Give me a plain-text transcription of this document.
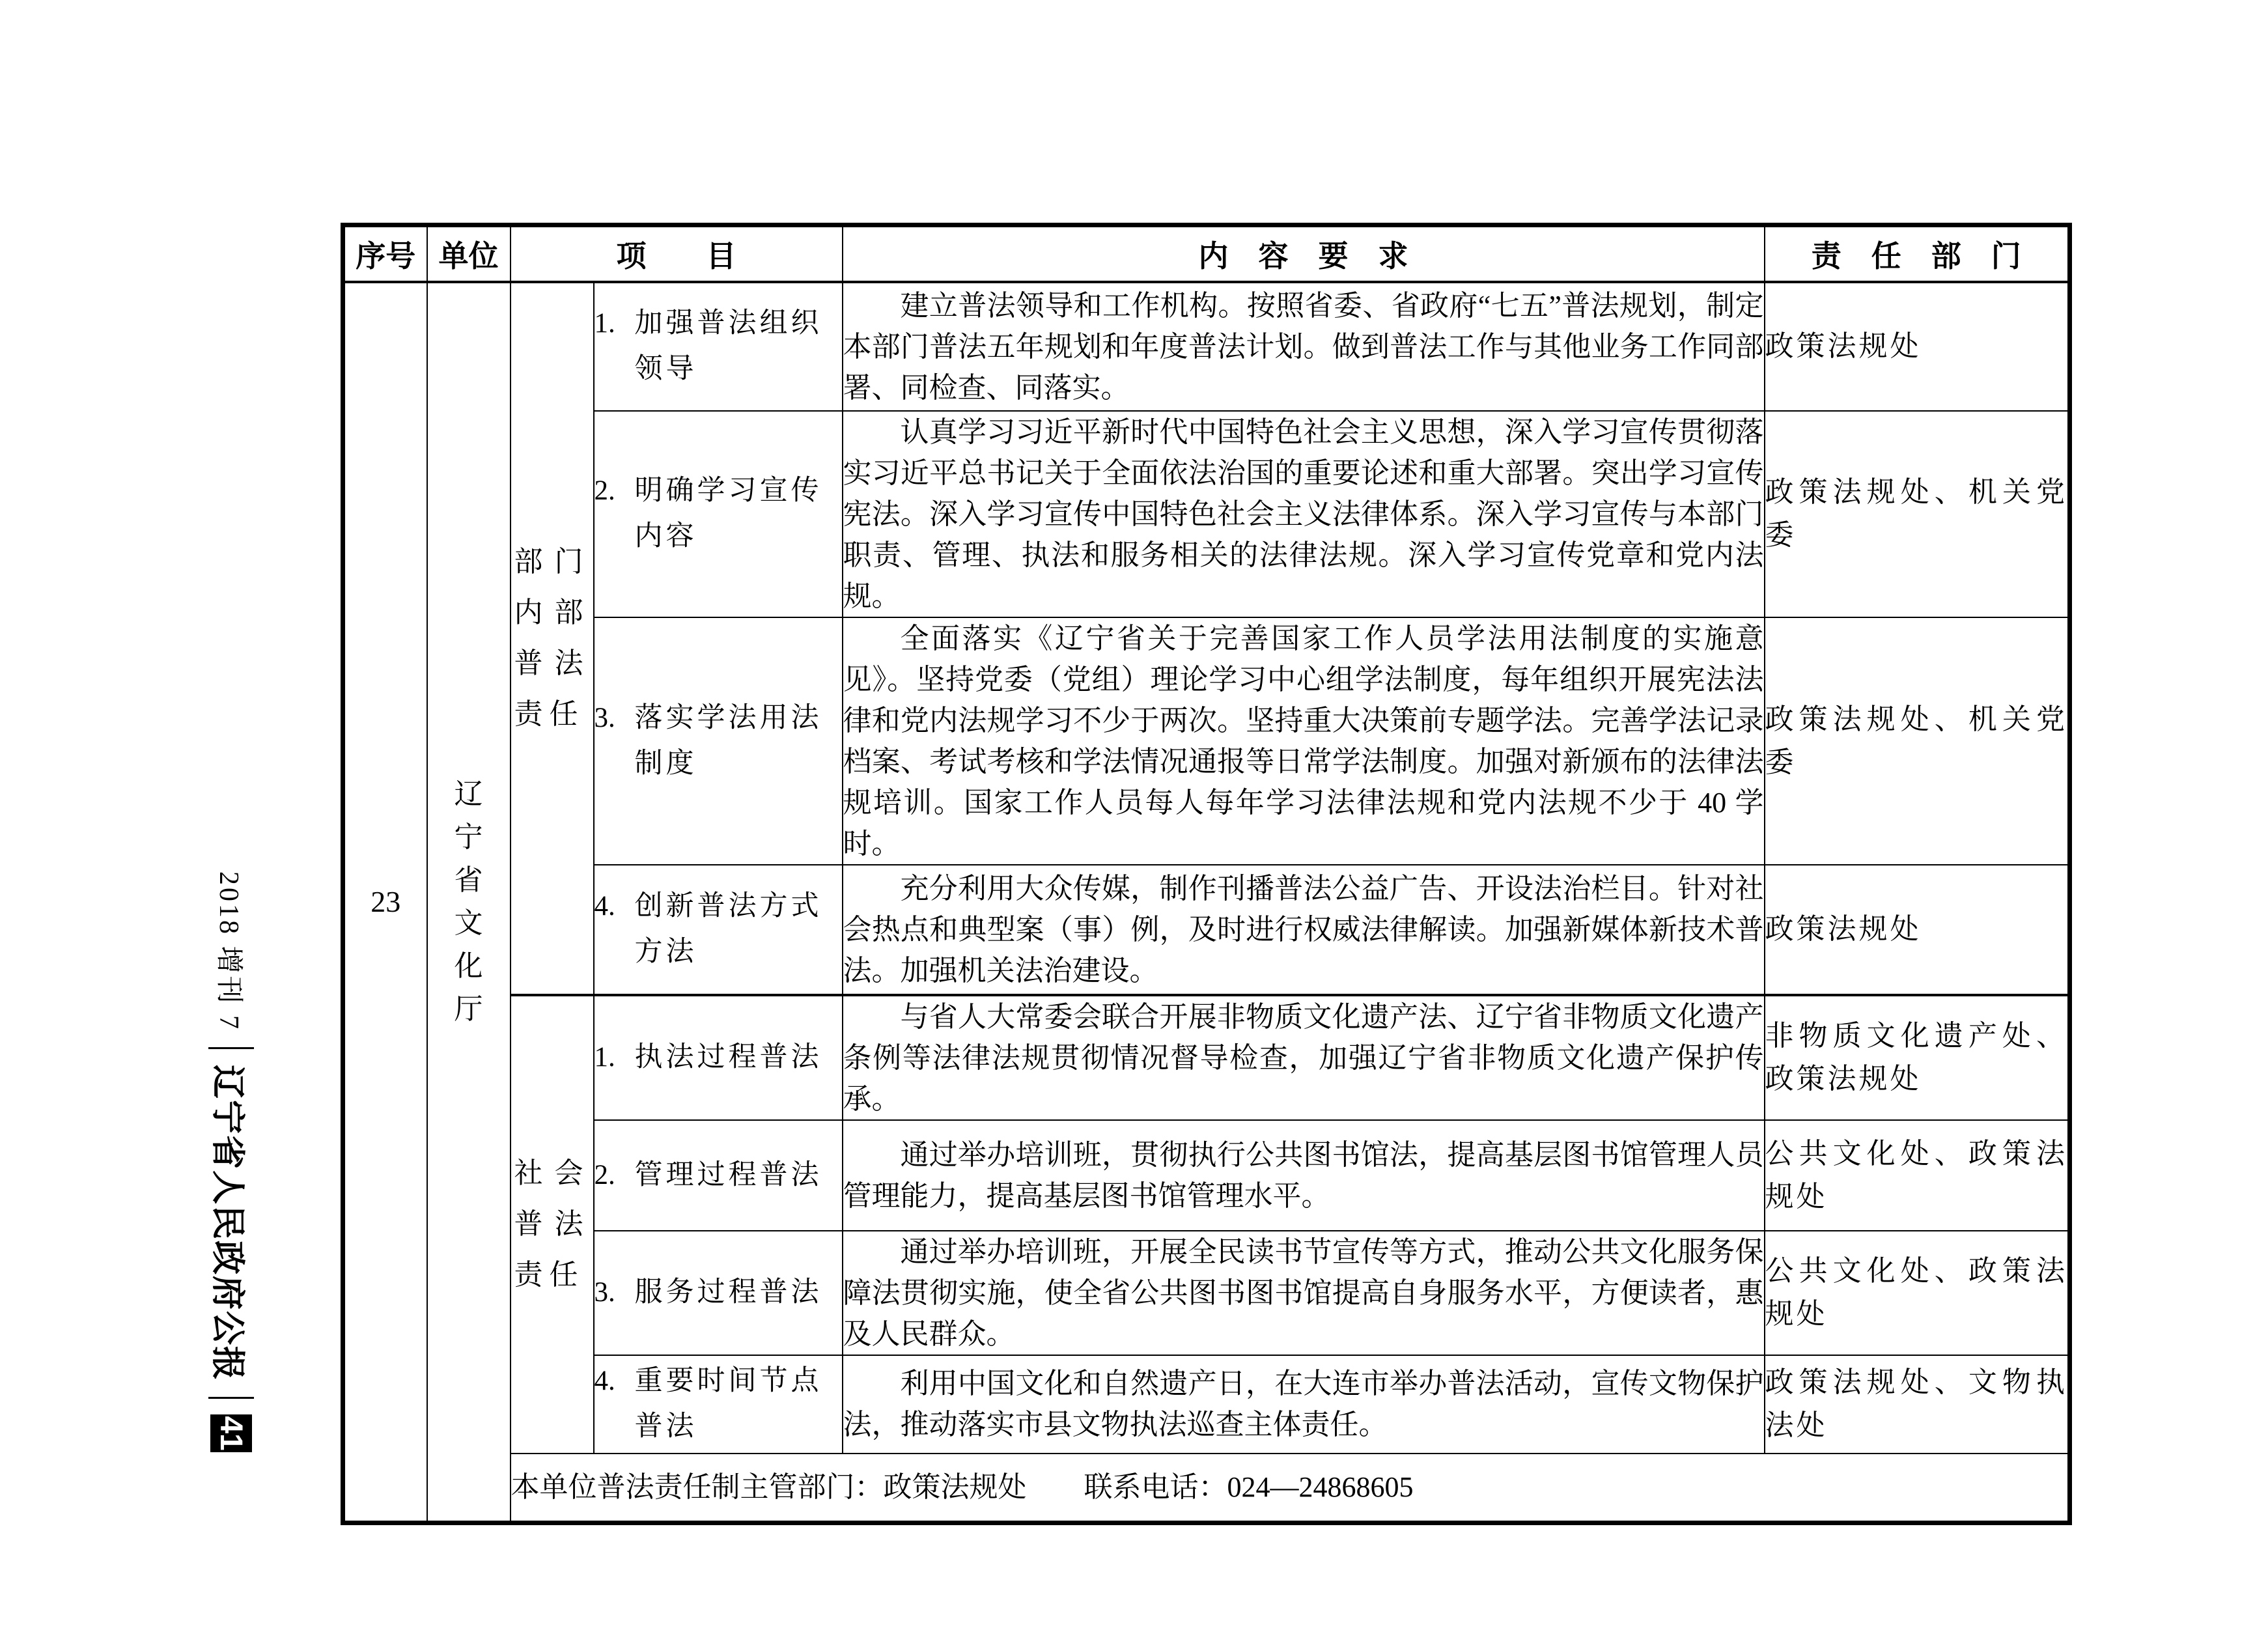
2018 增刊 7
辽宁省人民政府公报
41
序号	单位	项　　目		内　容　要　求	责　任　部　门
23	辽宁省文化厅	部门内部普法责任	1. 加强普法组织领导	建立普法领导和工作机构。按照省委、省政府“七五”普法规划，制定本部门普法五年规划和年度普法计划。做到普法工作与其他业务工作同部署、同检查、同落实。	政策法规处

			2. 明确学习宣传内容	认真学习习近平新时代中国特色社会主义思想，深入学习宣传贯彻落实习近平总书记关于全面依法治国的重要论述和重大部署。突出学习宣传宪法。深入学习宣传中国特色社会主义法律体系。深入学习宣传与本部门职责、管理、执法和服务相关的法律法规。深入学习宣传党章和党内法规。	政策法规处、机关党委

			3. 落实学法用法制度	全面落实《辽宁省关于完善国家工作人员学法用法制度的实施意见》。坚持党委（党组）理论学习中心组学法制度，每年组织开展宪法法律和党内法规学习不少于两次。坚持重大决策前专题学法。完善学法记录档案、考试考核和学法情况通报等日常学法制度。加强对新颁布的法律法规培训。国家工作人员每人每年学习法律法规和党内法规不少于 40 学时。	政策法规处、机关党委

			4. 创新普法方式方法	充分利用大众传媒，制作刊播普法公益广告、开设法治栏目。针对社会热点和典型案（事）例，及时进行权威法律解读。加强新媒体新技术普法。加强机关法治建设。	政策法规处

		社会普法责任	1. 执法过程普法	与省人大常委会联合开展非物质文化遗产法、辽宁省非物质文化遗产条例等法律法规贯彻情况督导检查，加强辽宁省非物质文化遗产保护传承。	非物质文化遗产处、政策法规处

			2. 管理过程普法	通过举办培训班，贯彻执行公共图书馆法，提高基层图书馆管理人员管理能力，提高基层图书馆管理水平。	公共文化处、政策法规处

			3. 服务过程普法	通过举办培训班，开展全民读书节宣传等方式，推动公共文化服务保障法贯彻实施，使全省公共图书图书馆提高自身服务水平，方便读者，惠及人民群众。	公共文化处、政策法规处

			4. 重要时间节点普法	利用中国文化和自然遗产日，在大连市举办普法活动，宣传文物保护法，推动落实市县文物执法巡查主体责任。	政策法规处、文物执法处

		本单位普法责任制主管部门：政策法规处　　联系电话：024—24868605			
